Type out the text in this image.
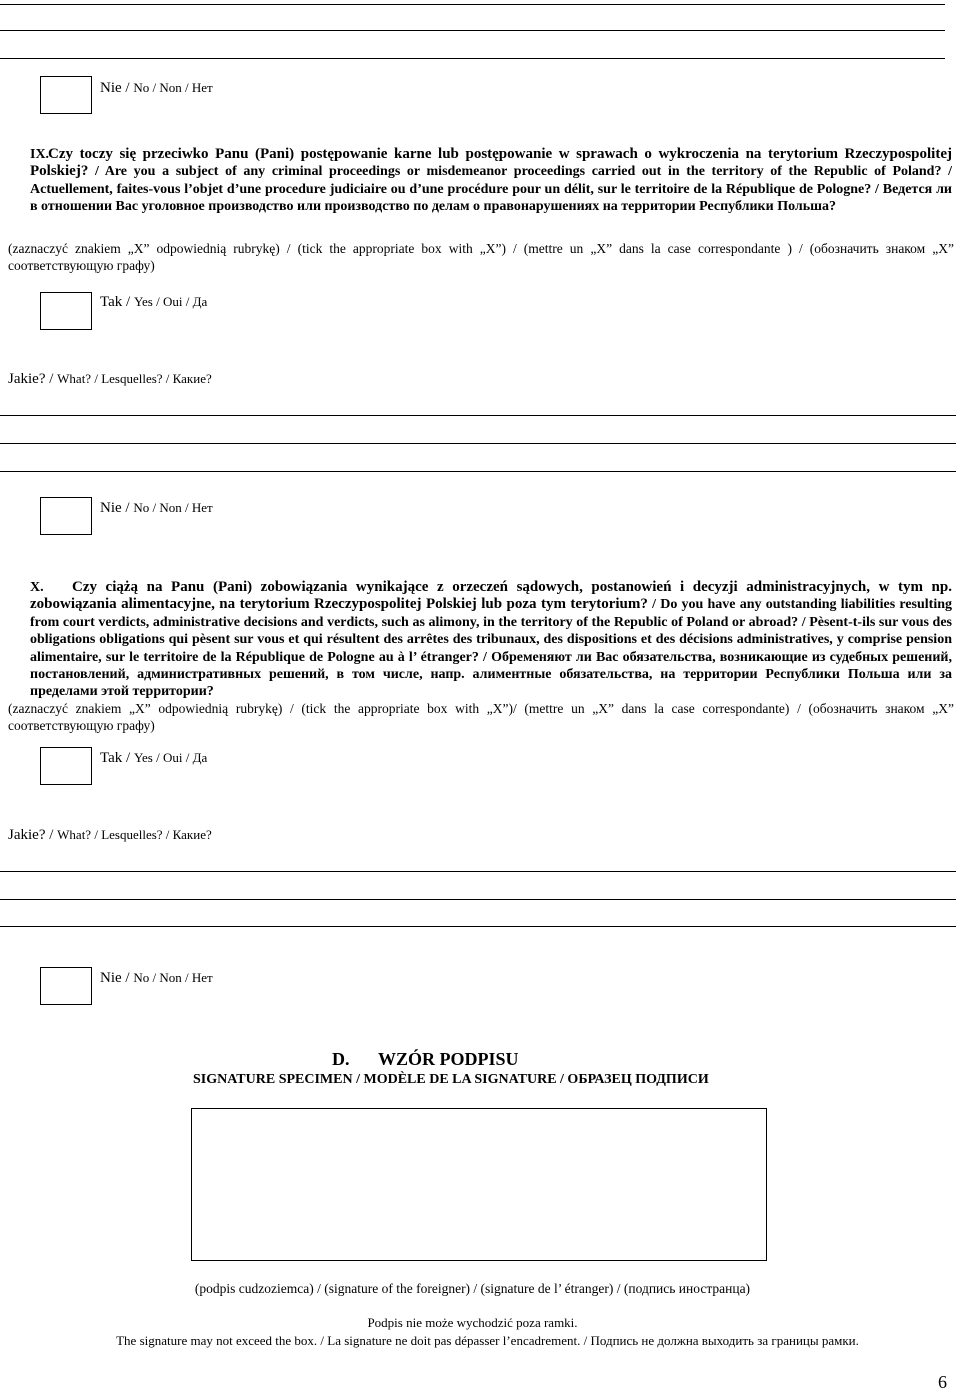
Nie / No / Non / Нет
IX.Czy toczy się przeciwko Panu (Pani) postępowanie karne lub postępowanie w sprawach o wykroczenia na terytorium Rzeczypospolitej Polskiej? / Are you a subject of any criminal proceedings or misdemeanor proceedings carried out in the territory of the Republic of Poland? / Actuellement, faites-vous l’objet d’une procedure judiciaire ou d’une procédure pour un délit, sur le territoire de la République de Pologne? / Ведется ли в отношении Вас уголовное производство или производство по делам о правонарушениях на территории Республики Польша?
(zaznaczyć znakiem „X” odpowiednią rubrykę) / (tick the appropriate box with „X”) / (mettre un „X” dans la case correspondante ) / (обозначить знаком „X” соответствующую графу)
Tak / Yes / Oui / Да
Jakie? / What? / Lesquelles? / Какие?
Nie / No / Non / Нет
X. Czy ciążą na Panu (Pani) zobowiązania wynikające z orzeczeń sądowych, postanowień i decyzji administracyjnych, w tym np. zobowiązania alimentacyjne, na terytorium Rzeczypospolitej Polskiej lub poza tym terytorium? / Do you have any outstanding liabilities resulting from court verdicts, administrative decisions and verdicts, such as alimony, in the territory of the Republic of Poland or abroad? / Pèsent-t-ils sur vous des obligations obligations qui pèsent sur vous et qui résultent des arrêtes des tribunaux, des dispositions et des décisions administratives, y comprise pension alimentaire, sur le territoire de la République de Pologne au à l’ étranger? / Обременяют ли Вас обязательства, возникающие из судебных решений, постановлений, административных решений, в том числе, напр. алиментные обязательства, на территории Республики Польша или за пределами этой территории?
(zaznaczyć znakiem „X” odpowiednią rubrykę) / (tick the appropriate box with „X”)/ (mettre un „X” dans la case correspondante) / (обозначить знаком „X” соответствующую графу)
Tak / Yes / Oui / Да
Jakie? / What? / Lesquelles? / Какие?
Nie / No / Non / Нет
D. WZÓR PODPISU
SIGNATURE SPECIMEN / MODÈLE DE LA SIGNATURE / ОБРАЗЕЦ ПОДПИСИ
(podpis cudzoziemca) / (signature of the foreigner) / (signature de l’ étranger) / (подпись иностранца)
Podpis nie może wychodzić poza ramki.
The signature may not exceed the box. / La signature ne doit pas dépasser l’encadrement. / Подпись не должна выходить за границы рамки.
6
